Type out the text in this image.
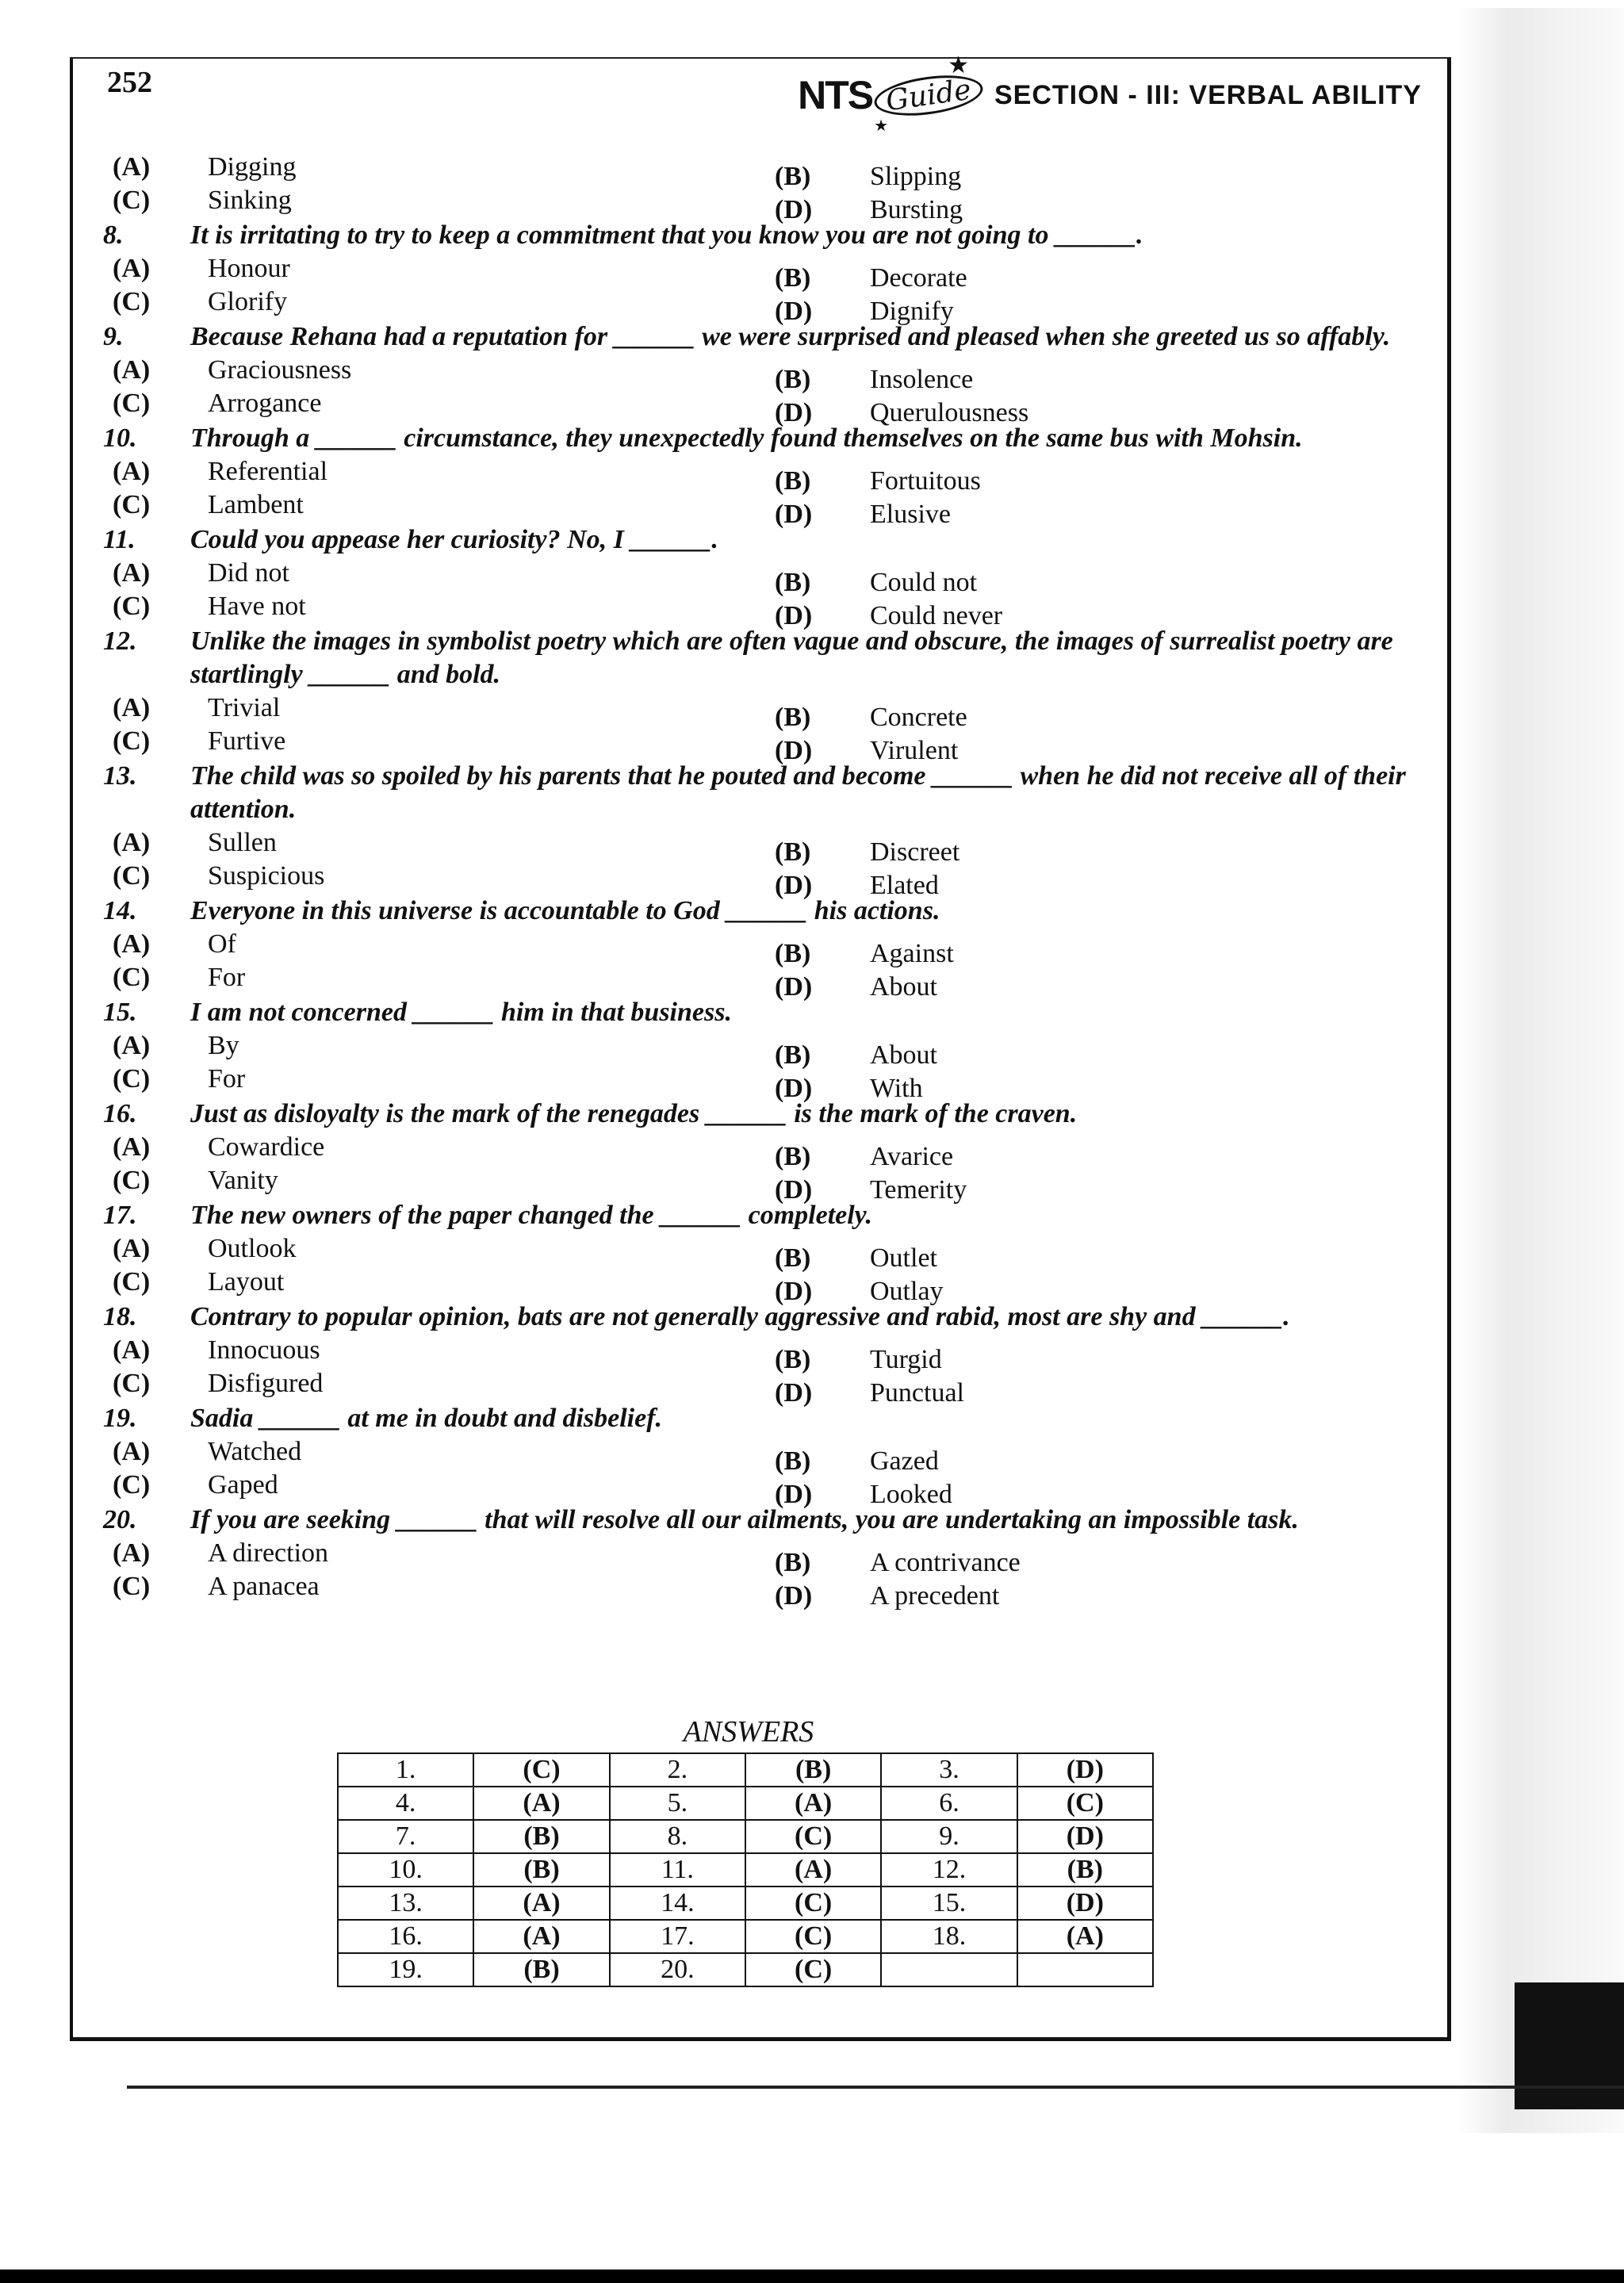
252	NTS Guide
★
★
SECTION - III: VERBAL ABILITY
(A)	Digging	(B)	Slipping
(C)	Sinking	(D)	Bursting
8.	It is irritating to try to keep a commitment that you know you are not going to ______.
(A)	Honour	(B)	Decorate
(C)	Glorify	(D)	Dignify
9.	Because Rehana had a reputation for ______ we were surprised and pleased when she greeted us so affably.
(A)	Graciousness	(B)	Insolence
(C)	Arrogance	(D)	Querulousness
10.	Through a ______ circumstance, they unexpectedly found themselves on the same bus with Mohsin.
(A)	Referential	(B)	Fortuitous
(C)	Lambent	(D)	Elusive
11.	Could you appease her curiosity? No, I ______.
(A)	Did not	(B)	Could not
(C)	Have not	(D)	Could never
12.	Unlike the images in symbolist poetry which are often vague and obscure, the images of surrealist poetry are startlingly ______ and bold.
(A)	Trivial	(B)	Concrete
(C)	Furtive	(D)	Virulent
13.	The child was so spoiled by his parents that he pouted and become ______ when he did not receive all of their attention.
(A)	Sullen	(B)	Discreet
(C)	Suspicious	(D)	Elated
14.	Everyone in this universe is accountable to God ______ his actions.
(A)	Of	(B)	Against
(C)	For	(D)	About
15.	I am not concerned ______ him in that business.
(A)	By	(B)	About
(C)	For	(D)	With
16.	Just as disloyalty is the mark of the renegades ______ is the mark of the craven.
(A)	Cowardice	(B)	Avarice
(C)	Vanity	(D)	Temerity
17.	The new owners of the paper changed the ______ completely.
(A)	Outlook	(B)	Outlet
(C)	Layout	(D)	Outlay
18.	Contrary to popular opinion, bats are not generally aggressive and rabid, most are shy and ______.
(A)	Innocuous	(B)	Turgid
(C)	Disfigured	(D)	Punctual
19.	Sadia ______ at me in doubt and disbelief.
(A)	Watched	(B)	Gazed
(C)	Gaped	(D)	Looked
20.	If you are seeking ______ that will resolve all our ailments, you are undertaking an impossible task.
(A)	A direction	(B)	A contrivance
(C)	A panacea	(D)	A precedent
ANSWERS
1.	(C)	2.	(B)	3.	(D)
4.	(A)	5.	(A)	6.	(C)
7.	(B)	8.	(C)	9.	(D)
10.	(B)	11.	(A)	12.	(B)
13.	(A)	14.	(C)	15.	(D)
16.	(A)	17.	(C)	18.	(A)
19.	(B)	20.	(C)		
